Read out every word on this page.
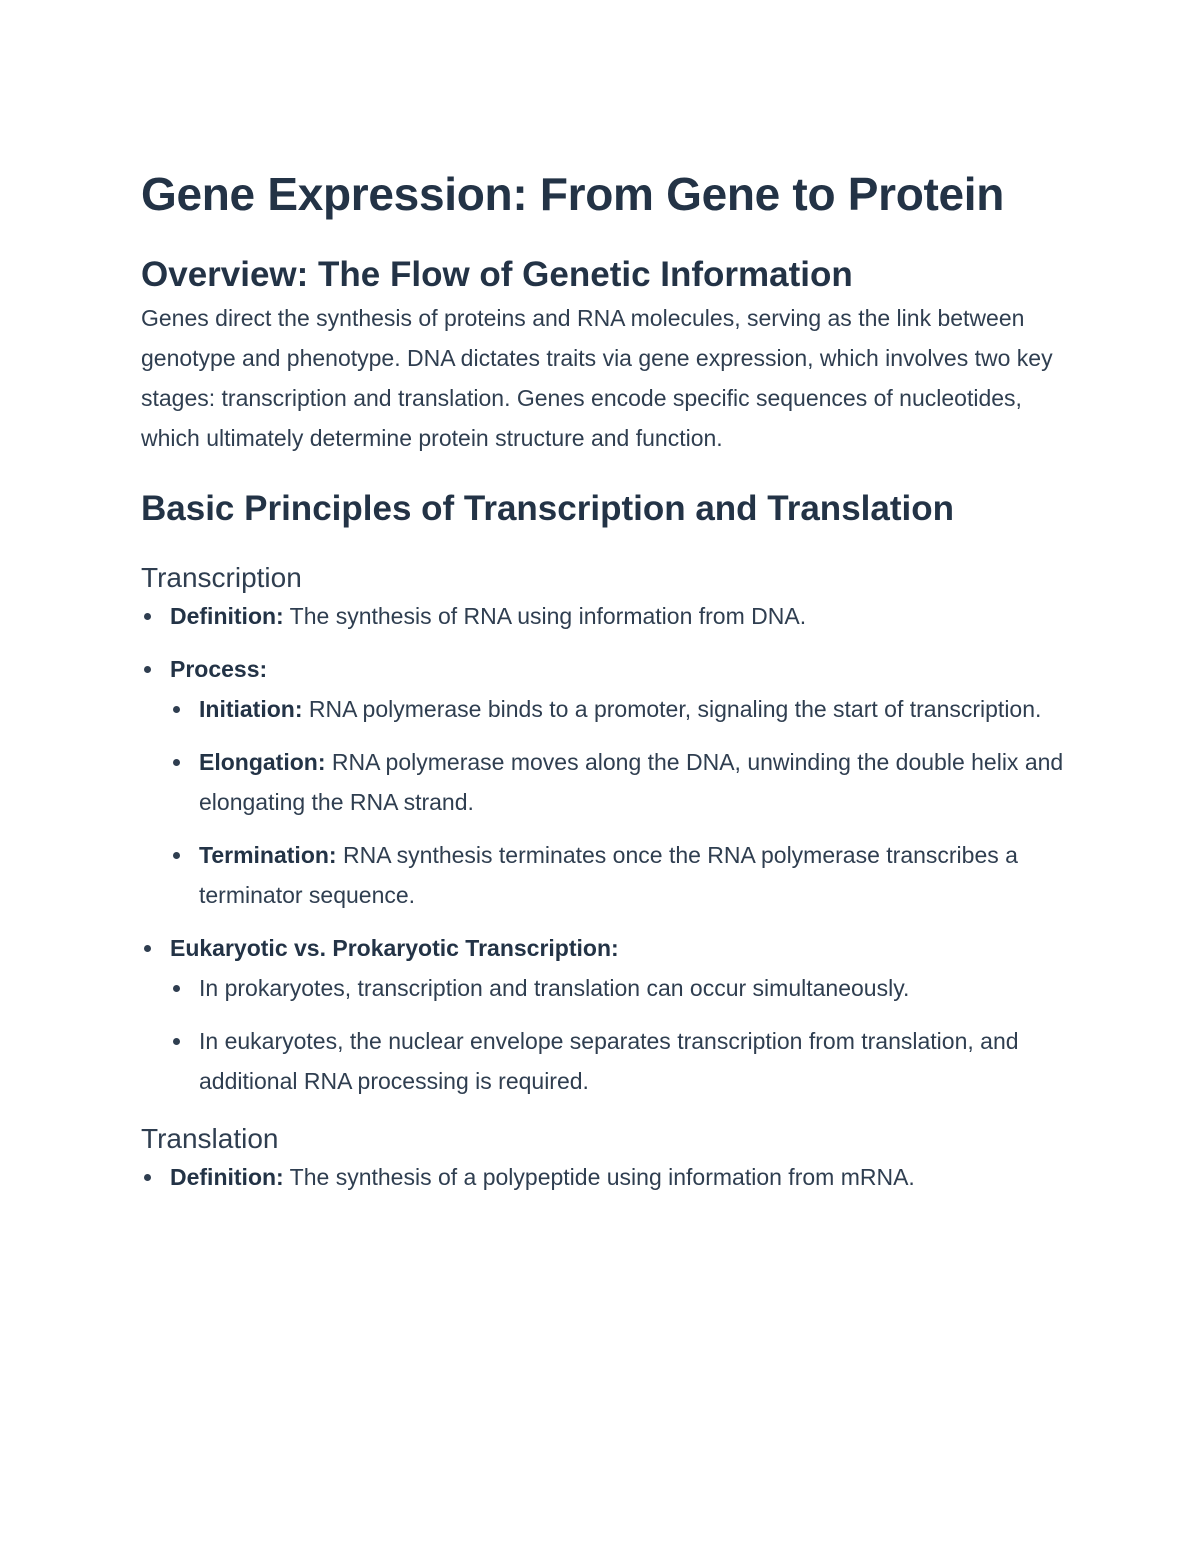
Gene Expression: From Gene to Protein
Overview: The Flow of Genetic Information

Genes direct the synthesis of proteins and RNA molecules, serving as the link between genotype and phenotype. DNA dictates traits via gene expression, which involves two key stages: transcription and translation. Genes encode specific sequences of nucleotides, which ultimately determine protein structure and function.

Basic Principles of Transcription and Translation
Transcription
Definition: The synthesis of RNA using information from DNA.
Process:
Initiation: RNA polymerase binds to a promoter, signaling the start of transcription.
Elongation: RNA polymerase moves along the DNA, unwinding the double helix and elongating the RNA strand.
Termination: RNA synthesis terminates once the RNA polymerase transcribes a terminator sequence.
Eukaryotic vs. Prokaryotic Transcription:
In prokaryotes, transcription and translation can occur simultaneously.
In eukaryotes, the nuclear envelope separates transcription from translation, and additional RNA processing is required.
Translation
Definition: The synthesis of a polypeptide using information from mRNA.
